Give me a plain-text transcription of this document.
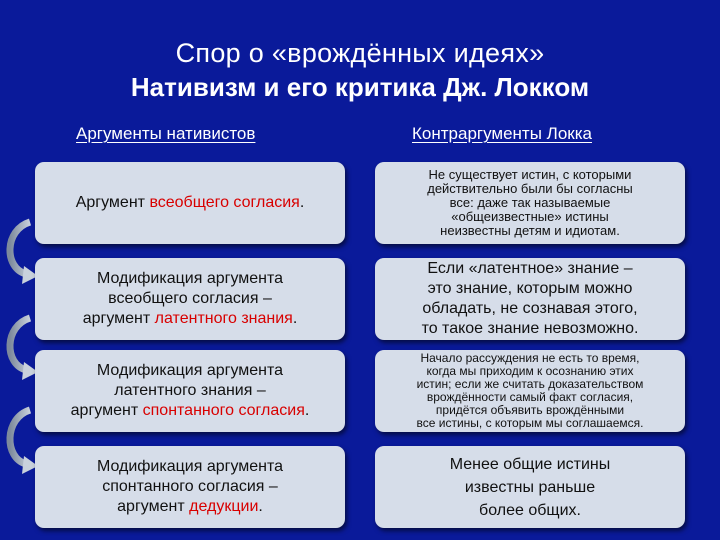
Спор о «врождённых идеях»
Нативизм и его критика Дж. Локком
Аргументы нативистов	Контраргументы Локка
Аргумент всеобщего согласия.
Не существует истин, с которыми
действительно были бы согласны
все: даже так называемые
«общеизвестные» истины
неизвестны детям и идиотам.
Модификация аргумента
всеобщего согласия –
аргумент латентного знания.
Если «латентное» знание –
это знание, которым можно
обладать, не сознавая этого,
то такое знание невозможно.
Модификация аргумента
латентного знания –
аргумент спонтанного согласия.
Начало рассуждения не есть то время,
когда мы приходим к осознанию этих
истин; если же считать доказательством
врождённости самый факт согласия,
придётся объявить врождёнными
все истины, с которым мы соглашаемся.
Модификация аргумента
спонтанного согласия –
аргумент дедукции.
Менее общие истины
известны раньше
более общих.
